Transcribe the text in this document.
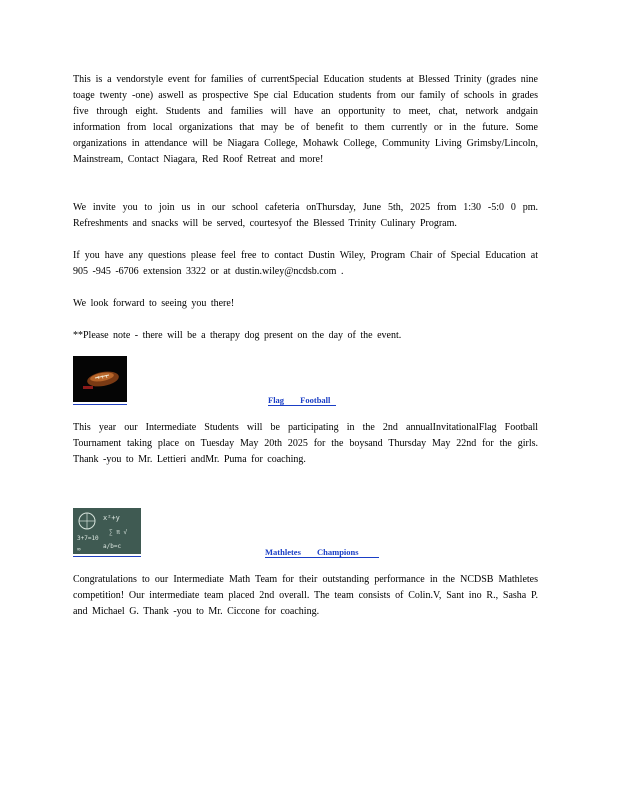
This is a vendorstyle event for families of currentSpecial Education students at Blessed Trinity (grades nine toage twenty -one) aswell as prospective Spe cial Education students from our family of schools in grades five through eight. Students and families will have an opportunity to meet, chat, network andgain information from local organizations that may be of benefit to them currently or in the future. Some organizations in attendance will be Niagara College, Mohawk College, Community Living Grimsby/Lincoln, Mainstream, Contact Niagara, Red Roof Retreat and more!
We invite you to join us in our school cafeteria onThursday, June 5th, 2025 from 1:30 -5:0 0 pm. Refreshments and snacks will be served, courtesyof the Blessed Trinity Culinary Program.
If you have any questions please feel free to contact Dustin Wiley, Program Chair of Special Education at 905 -945 -6706 extension 3322 or at dustin.wiley@ncdsb.com .
We look forward to seeing you there!
**Please note - there will be a therapy dog present on the day of the event.
Flag Football
This year our Intermediate Students will be participating in the 2nd annualInvitationalFlag Football Tournament taking place on Tuesday May 20th 2025 for the boysand Thursday May 22nd for the girls. Thank -you to Mr. Lettieri andMr. Puma for coaching.
x²+y
3+7=10
∑ π √
a/b=c
∞	Mathletes Champions
Congratulations to our Intermediate Math Team for their outstanding performance in the NCDSB Mathletes competition! Our intermediate team placed 2nd overall. The team consists of Colin.V, Sant ino R., Sasha P. and Michael G. Thank -you to Mr. Ciccone for coaching.
